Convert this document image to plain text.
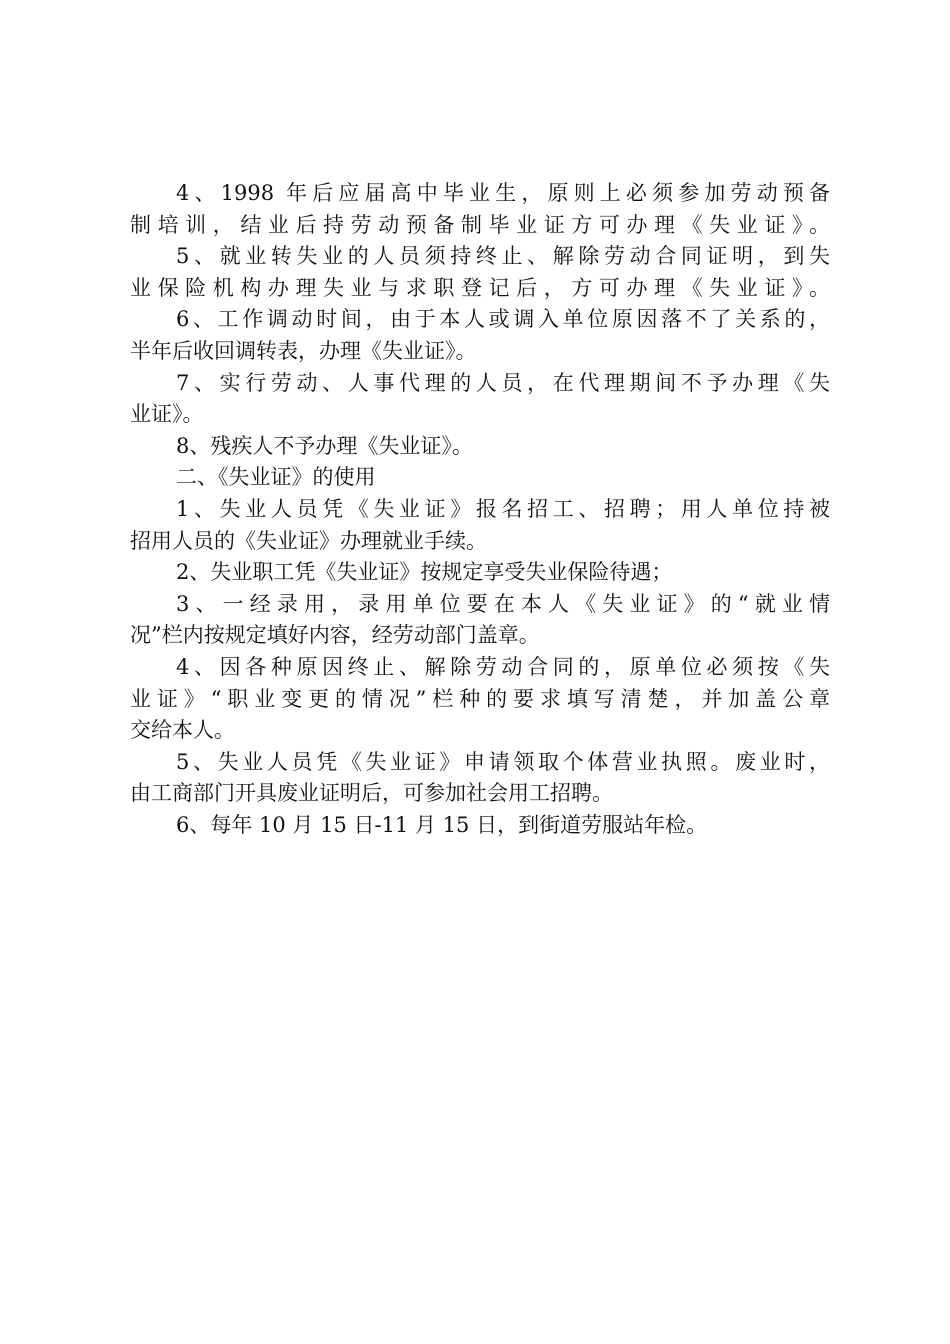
4、1998 年后应届高中毕业生，原则上必须参加劳动预备
制培训，结业后持劳动预备制毕业证方可办理《失业证》。
5、就业转失业的人员须持终止、解除劳动合同证明，到失
业保险机构办理失业与求职登记后，方可办理《失业证》。
6、工作调动时间，由于本人或调入单位原因落不了关系的，
半年后收回调转表，办理《失业证》。
7、实行劳动、人事代理的人员，在代理期间不予办理《失
业证》。
8、残疾人不予办理《失业证》。
二、《失业证》的使用
1、失业人员凭《失业证》报名招工、招聘；用人单位持被
招用人员的《失业证》办理就业手续。
2、失业职工凭《失业证》按规定享受失业保险待遇；
3、一经录用，录用单位要在本人《失业证》的“就业情
况”栏内按规定填好内容，经劳动部门盖章。
4、因各种原因终止、解除劳动合同的，原单位必须按《失
业证》“职业变更的情况”栏种的要求填写清楚，并加盖公章
交给本人。
5、失业人员凭《失业证》申请领取个体营业执照。废业时，
由工商部门开具废业证明后，可参加社会用工招聘。
6、每年 10 月 15 日-11 月 15 日，到街道劳服站年检。
